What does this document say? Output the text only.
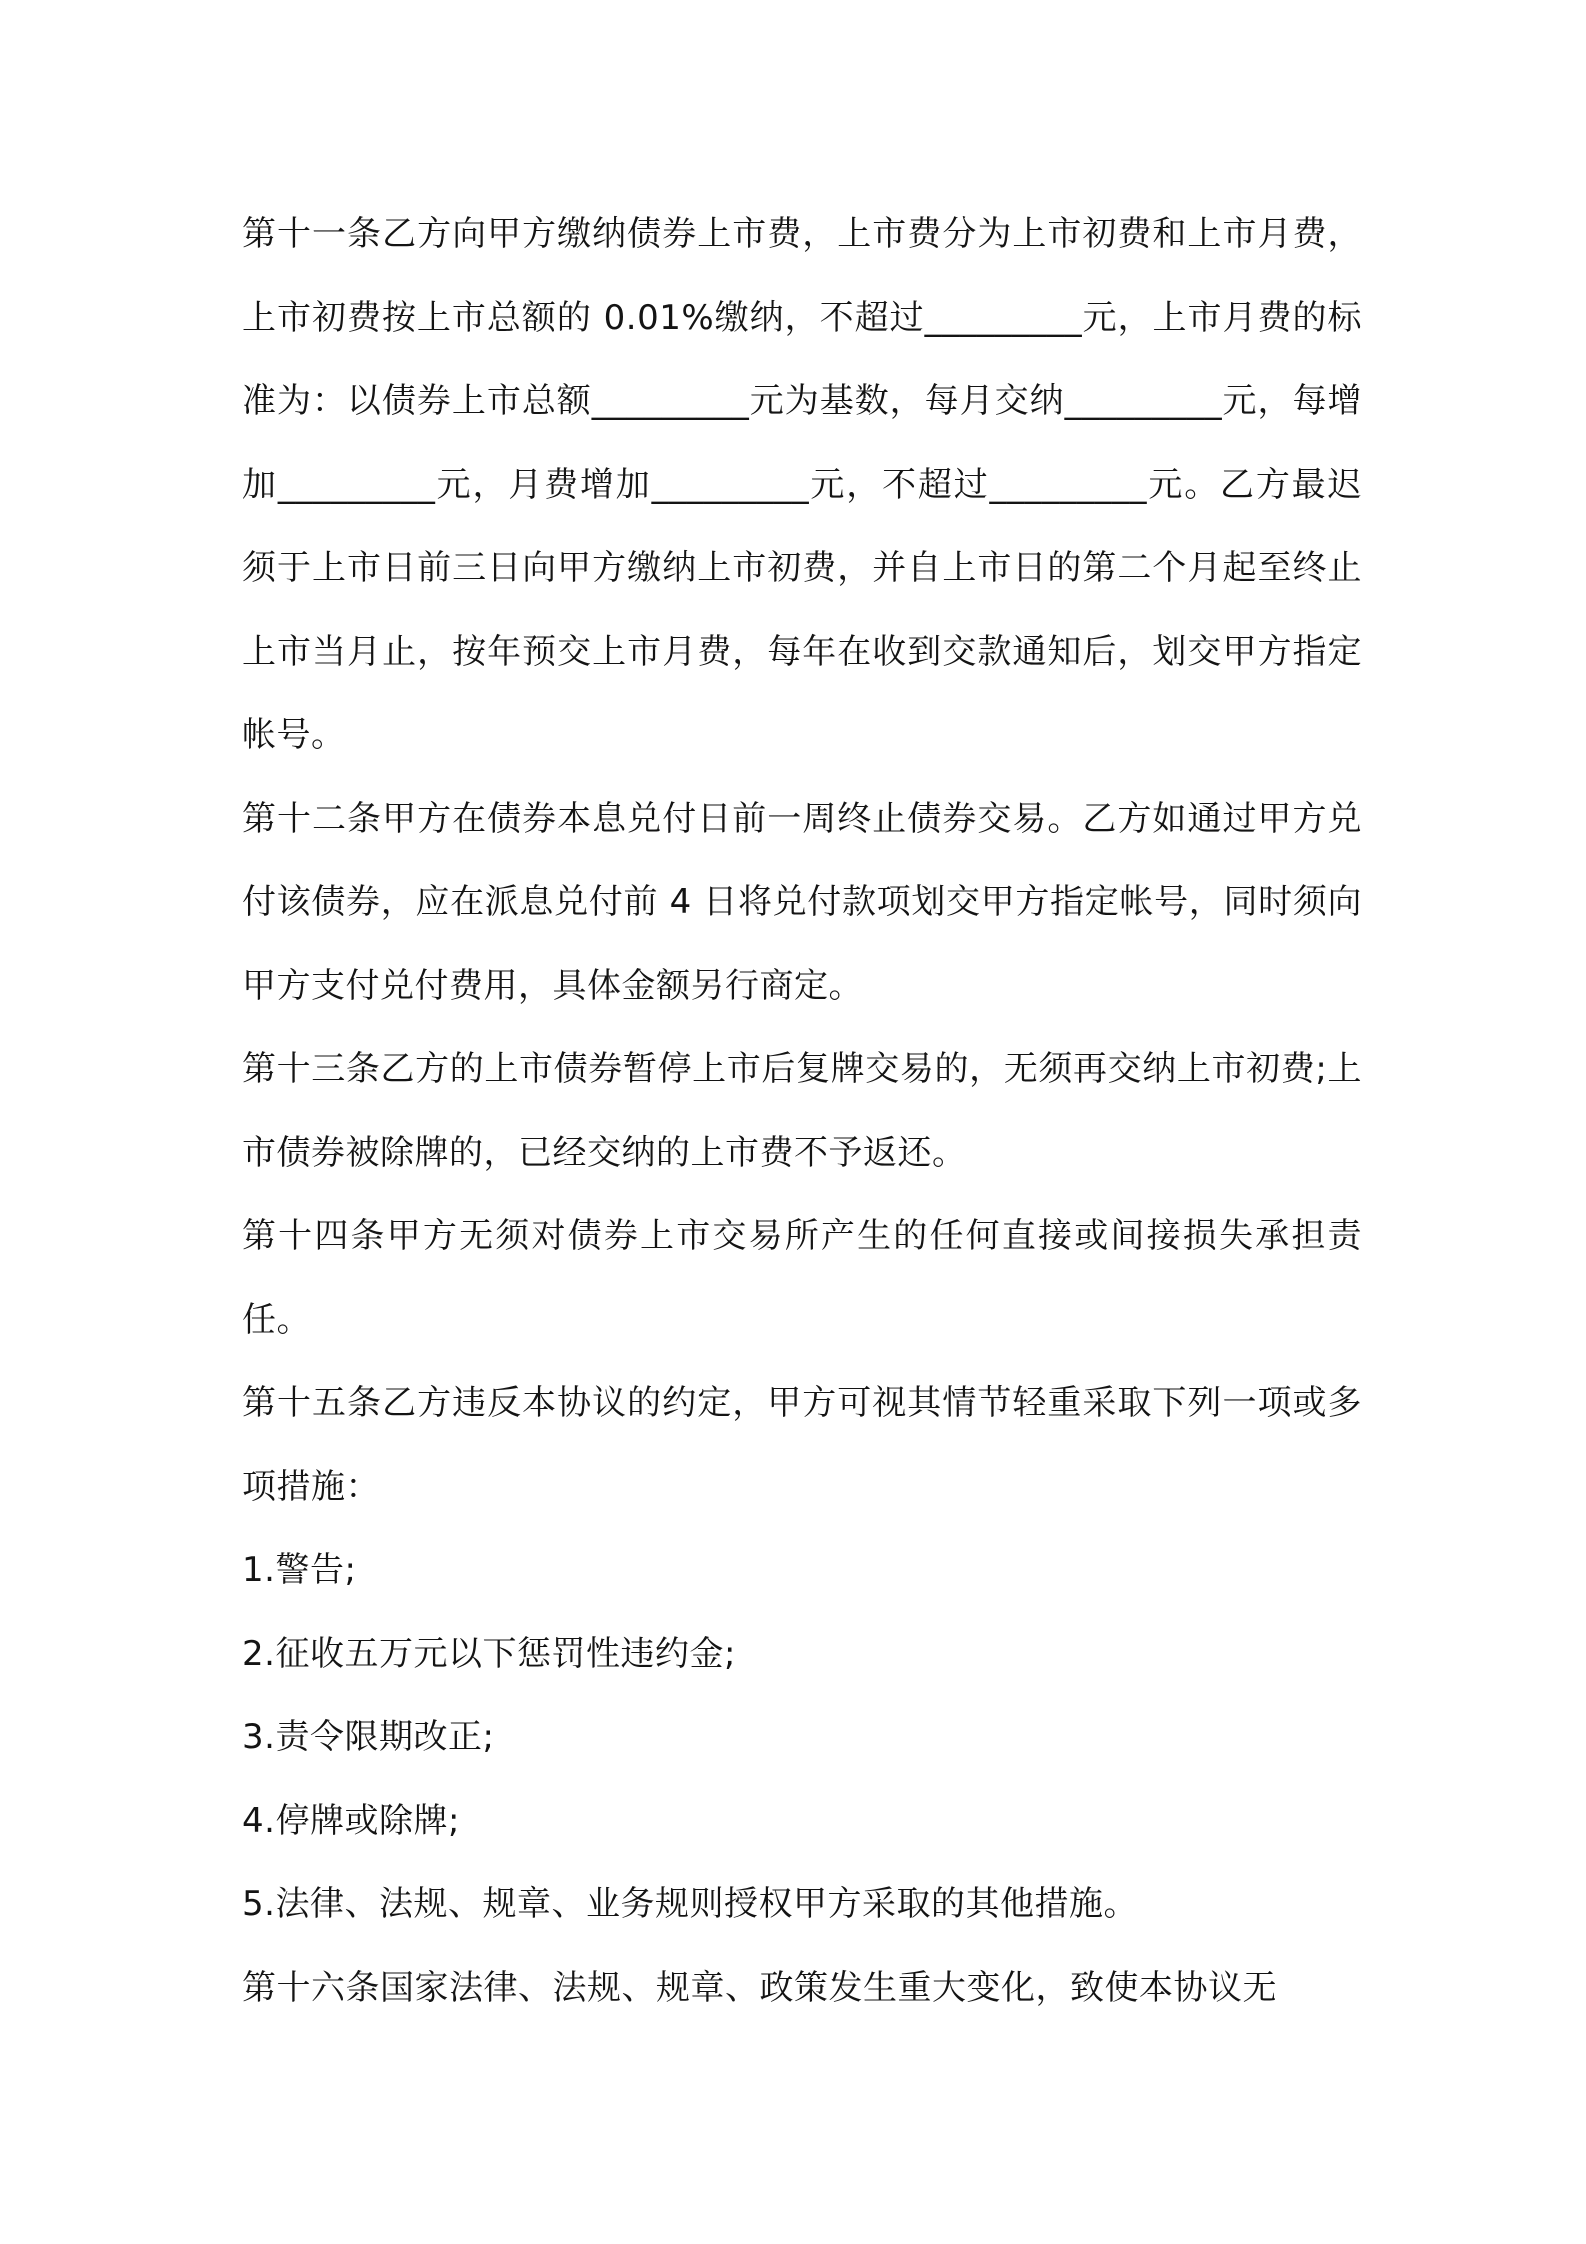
第十一条乙方向甲方缴纳债券上市费，上市费分为上市初费和上市月费，上市初费按上市总额的 0.01%缴纳，不超过_________元，上市月费的标准为：以债券上市总额_________元为基数，每月交纳_________元，每增加_________元，月费增加_________元，不超过_________元。乙方最迟须于上市日前三日向甲方缴纳上市初费，并自上市日的第二个月起至终止上市当月止，按年预交上市月费，每年在收到交款通知后，划交甲方指定帐号。

第十二条甲方在债券本息兑付日前一周终止债券交易。乙方如通过甲方兑付该债券，应在派息兑付前 4 日将兑付款项划交甲方指定帐号，同时须向甲方支付兑付费用，具体金额另行商定。

第十三条乙方的上市债券暂停上市后复牌交易的，无须再交纳上市初费;上市债券被除牌的，已经交纳的上市费不予返还。

第十四条甲方无须对债券上市交易所产生的任何直接或间接损失承担责任。

第十五条乙方违反本协议的约定，甲方可视其情节轻重采取下列一项或多项措施：

1.警告;

2.征收五万元以下惩罚性违约金;

3.责令限期改正;

4.停牌或除牌;

5.法律、法规、规章、业务规则授权甲方采取的其他措施。

第十六条国家法律、法规、规章、政策发生重大变化，致使本协议无
